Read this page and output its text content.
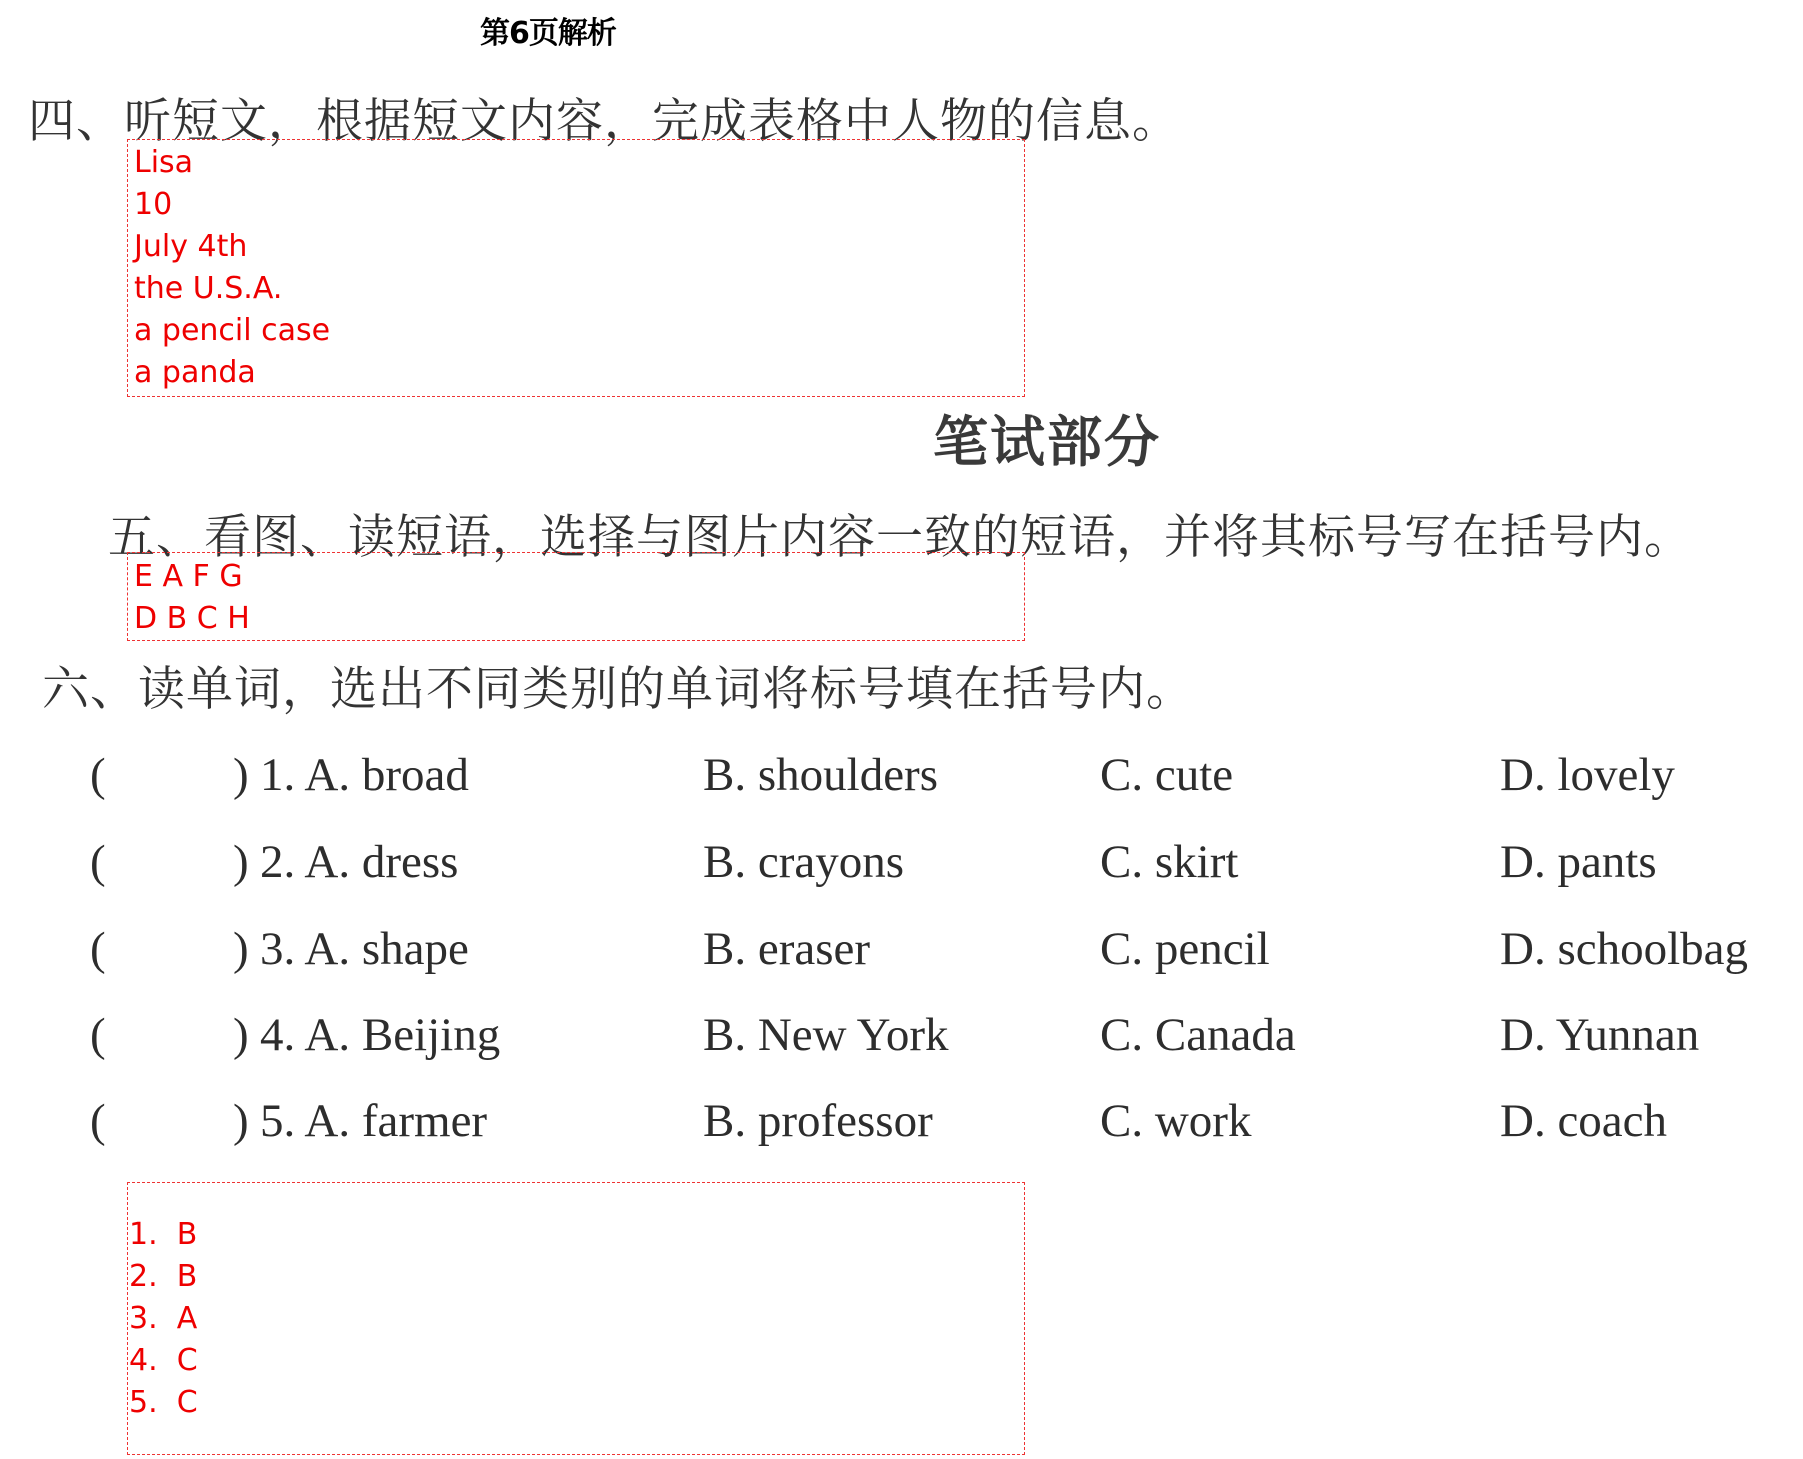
第6页解析
四、听短文，根据短文内容，完成表格中人物的信息。
Lisa
10
July 4th
the U.S.A.
a pencil case
a panda
笔试部分
五、看图、读短语，选择与图片内容一致的短语，并将其标号写在括号内。
E A F G
D B C H
六、读单词，选出不同类别的单词将标号填在括号内。
(	) 1. A. broad	B. shoulders	C. cute	D. lovely
(	) 2. A. dress	B. crayons	C. skirt	D. pants
(	) 3. A. shape	B. eraser	C. pencil	D. schoolbag
(	) 4. A. Beijing	B. New York	C. Canada	D. Yunnan
(	) 5. A. farmer	B. professor	C. work	D. coach
1.  B
2.  B
3.  A
4.  C
5.  C
